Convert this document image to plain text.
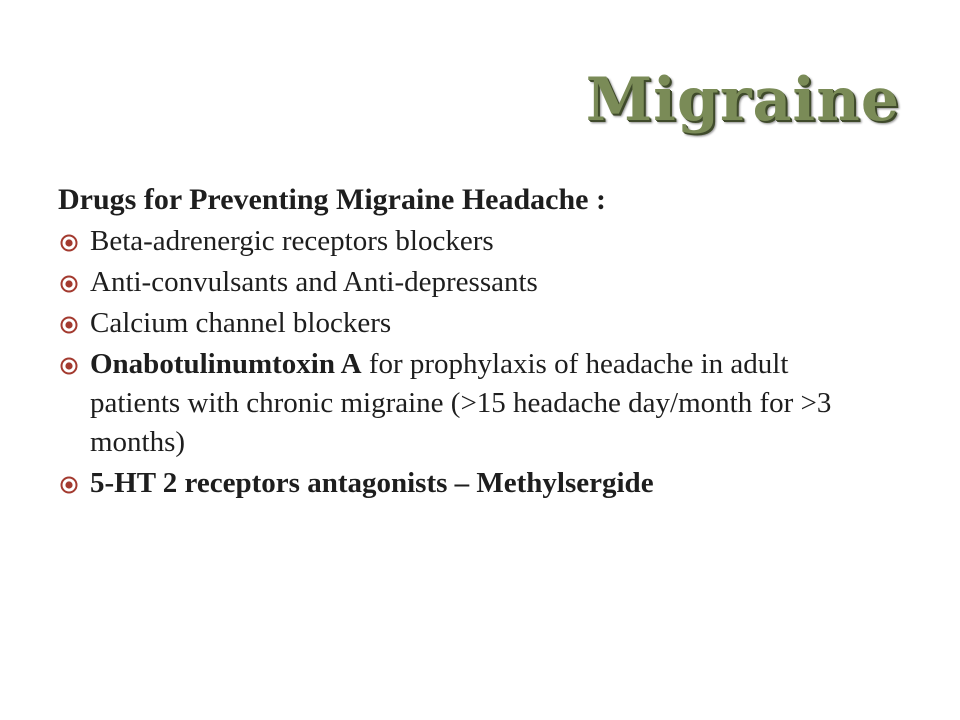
Migraine

Drugs for Preventing Migraine Headache :

Beta-adrenergic receptors blockers
Anti-convulsants and Anti-depressants
Calcium channel blockers
Onabotulinumtoxin A for prophylaxis of headache in adult patients with chronic migraine (>15 headache day/month for >3 months)
5-HT 2 receptors antagonists – Methylsergide
